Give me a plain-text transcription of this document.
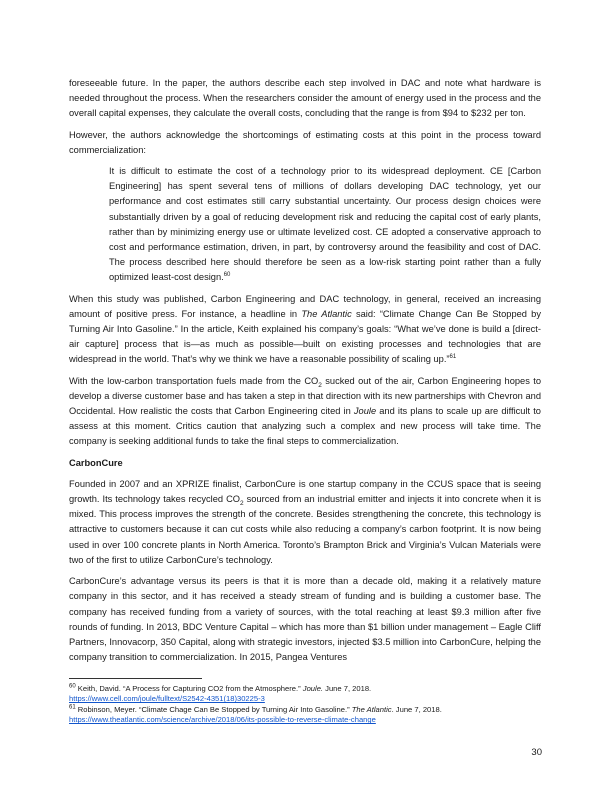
foreseeable future. In the paper, the authors describe each step involved in DAC and note what hardware is needed throughout the process. When the researchers consider the amount of energy used in the process and the overall capital expenses, they calculate the overall costs, concluding that the range is from $94 to $232 per ton.

However, the authors acknowledge the shortcomings of estimating costs at this point in the process toward commercialization:

It is difficult to estimate the cost of a technology prior to its widespread deployment. CE [Carbon Engineering] has spent several tens of millions of dollars developing DAC technology, yet our performance and cost estimates still carry substantial uncertainty. Our process design choices were substantially driven by a goal of reducing development risk and reducing the capital cost of early plants, rather than by minimizing energy use or ultimate levelized cost. CE adopted a conservative approach to cost and performance estimation, driven, in part, by controversy around the feasibility and cost of DAC. The process described here should therefore be seen as a low-risk starting point rather than a fully optimized least-cost design.$^{60}$

When this study was published, Carbon Engineering and DAC technology, in general, received an increasing amount of positive press. For instance, a headline in The Atlantic said: “Climate Change Can Be Stopped by Turning Air Into Gasoline.” In the article, Keith explained his company’s goals: “What we’ve done is build a [direct-air capture] process that is—as much as possible—built on existing processes and technologies that are widespread in the world. That’s why we think we have a reasonable possibility of scaling up.”$^{61}$

With the low-carbon transportation fuels made from the $CO_2$ sucked out of the air, Carbon Engineering hopes to develop a diverse customer base and has taken a step in that direction with its new partnerships with Chevron and Occidental. How realistic the costs that Carbon Engineering cited in Joule and its plans to scale up are difficult to assess at this moment. Critics caution that analyzing such a complex and new process will take time. The company is seeking additional funds to take the final steps to commercialization.

CarbonCure

Founded in 2007 and an XPRIZE finalist, CarbonCure is one startup company in the CCUS space that is seeing growth. Its technology takes recycled $CO_2$ sourced from an industrial emitter and injects it into concrete when it is mixed. This process improves the strength of the concrete. Besides strengthening the concrete, this technology is attractive to customers because it can cut costs while also reducing a company’s carbon footprint. It is now being used in over 100 concrete plants in North America. Toronto’s Brampton Brick and Virginia’s Vulcan Materials were two of the first to utilize CarbonCure’s technology.

CarbonCure’s advantage versus its peers is that it is more than a decade old, making it a relatively mature company in this sector, and it has received a steady stream of funding and is building a customer base. The company has received funding from a variety of sources, with the total reaching at least $9.3 million after five rounds of funding. In 2013, BDC Venture Capital – which has more than $1 billion under management – Eagle Cliff Partners, Innovacorp, 350 Capital, along with strategic investors, injected $3.5 million into CarbonCure, helping the company transition to commercialization. In 2015, Pangea Ventures

$^{60}$ Keith, David. “A Process for Capturing CO2 from the Atmosphere.” Joule. June 7, 2018.
https://www.cell.com/joule/fulltext/S2542-4351(18)30225-3
$^{61}$ Robinson, Meyer. “Climate Chage Can Be Stopped by Turning Air Into Gasoline.” The Atlantic. June 7, 2018.
https://www.theatlantic.com/science/archive/2018/06/its-possible-to-reverse-climate-change
30
